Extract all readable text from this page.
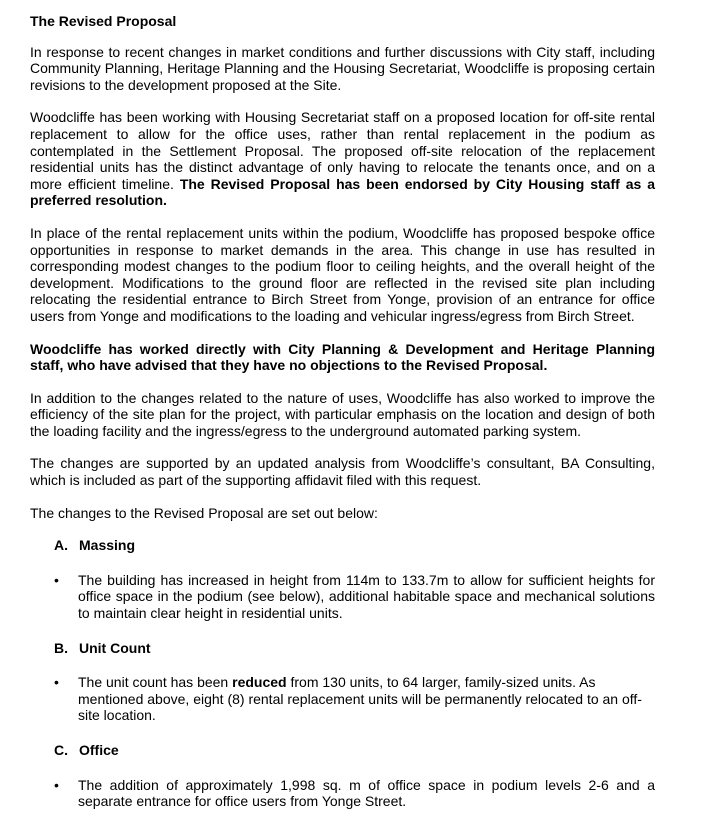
The Revised Proposal

In response to recent changes in market conditions and further discussions with City staff, including Community Planning, Heritage Planning and the Housing Secretariat, Woodcliffe is proposing certain revisions to the development proposed at the Site.

Woodcliffe has been working with Housing Secretariat staff on a proposed location for off-site rental replacement to allow for the office uses, rather than rental replacement in the podium as contemplated in the Settlement Proposal. The proposed off-site relocation of the replacement residential units has the distinct advantage of only having to relocate the tenants once, and on a more efficient timeline. The Revised Proposal has been endorsed by City Housing staff as a preferred resolution.

In place of the rental replacement units within the podium, Woodcliffe has proposed bespoke office opportunities in response to market demands in the area. This change in use has resulted in corresponding modest changes to the podium floor to ceiling heights, and the overall height of the development. Modifications to the ground floor are reflected in the revised site plan including relocating the residential entrance to Birch Street from Yonge, provision of an entrance for office users from Yonge and modifications to the loading and vehicular ingress/egress from Birch Street.

Woodcliffe has worked directly with City Planning & Development and Heritage Planning staff, who have advised that they have no objections to the Revised Proposal.

In addition to the changes related to the nature of uses, Woodcliffe has also worked to improve the efficiency of the site plan for the project, with particular emphasis on the location and design of both the loading facility and the ingress/egress to the underground automated parking system.

The changes are supported by an updated analysis from Woodcliffe’s consultant, BA Consulting, which is included as part of the supporting affidavit filed with this request.

The changes to the Revised Proposal are set out below:

A. Massing
•	The building has increased in height from 114m to 133.7m to allow for sufficient heights for office space in the podium (see below), additional habitable space and mechanical solutions to maintain clear height in residential units.
B. Unit Count
•	The unit count has been reduced from 130 units, to 64 larger, family-sized units. As mentioned above, eight (8) rental replacement units will be permanently relocated to an off-site location.
C. Office
•	The addition of approximately 1,998 sq. m of office space in podium levels 2-6 and a separate entrance for office users from Yonge Street.
